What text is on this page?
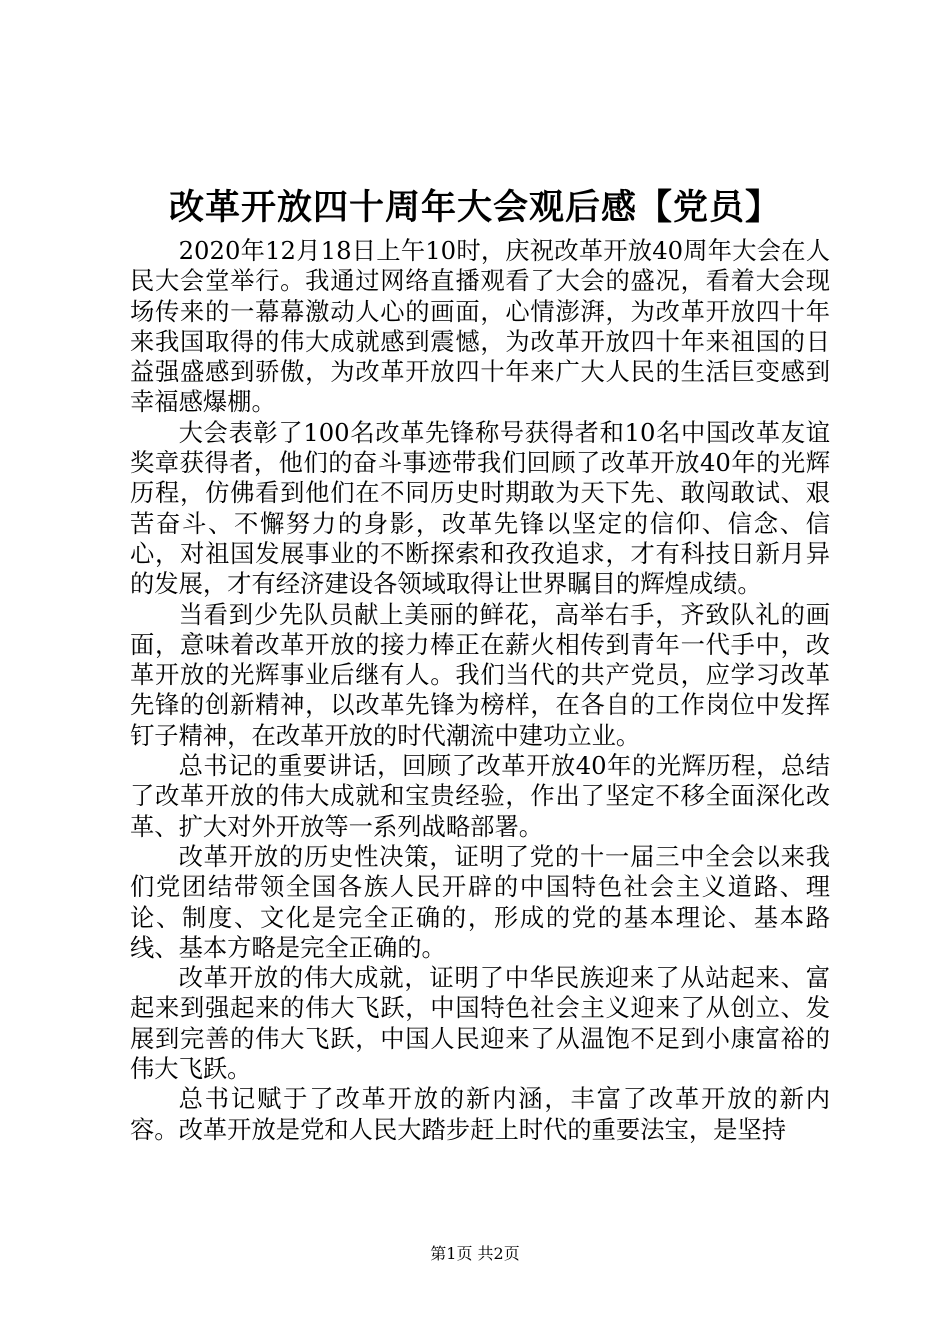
改革开放四十周年大会观后感【党员】

2020年12月18日上午10时，庆祝改革开放40周年大会在人民大会堂举行。我通过网络直播观看了大会的盛况，看着大会现场传来的一幕幕激动人心的画面，心情澎湃，为改革开放四十年来我国取得的伟大成就感到震憾，为改革开放四十年来祖国的日益强盛感到骄傲，为改革开放四十年来广大人民的生活巨变感到幸福感爆棚。

大会表彰了100名改革先锋称号获得者和10名中国改革友谊奖章获得者，他们的奋斗事迹带我们回顾了改革开放40年的光辉历程，仿佛看到他们在不同历史时期敢为天下先、敢闯敢试、艰苦奋斗、不懈努力的身影，改革先锋以坚定的信仰、信念、信心，对祖国发展事业的不断探索和孜孜追求，才有科技日新月异的发展，才有经济建设各领域取得让世界瞩目的辉煌成绩。

当看到少先队员献上美丽的鲜花，高举右手，齐致队礼的画面，意味着改革开放的接力棒正在薪火相传到青年一代手中，改革开放的光辉事业后继有人。我们当代的共产党员，应学习改革先锋的创新精神，以改革先锋为榜样，在各自的工作岗位中发挥钉子精神，在改革开放的时代潮流中建功立业。

总书记的重要讲话，回顾了改革开放40年的光辉历程，总结了改革开放的伟大成就和宝贵经验，作出了坚定不移全面深化改革、扩大对外开放等一系列战略部署。

改革开放的历史性决策，证明了党的十一届三中全会以来我们党团结带领全国各族人民开辟的中国特色社会主义道路、理论、制度、文化是完全正确的，形成的党的基本理论、基本路线、基本方略是完全正确的。

改革开放的伟大成就，证明了中华民族迎来了从站起来、富起来到强起来的伟大飞跃，中国特色社会主义迎来了从创立、发展到完善的伟大飞跃，中国人民迎来了从温饱不足到小康富裕的伟大飞跃。

总书记赋于了改革开放的新内涵，丰富了改革开放的新内容。改革开放是党和人民大踏步赶上时代的重要法宝，是坚持

第1页 共2页
